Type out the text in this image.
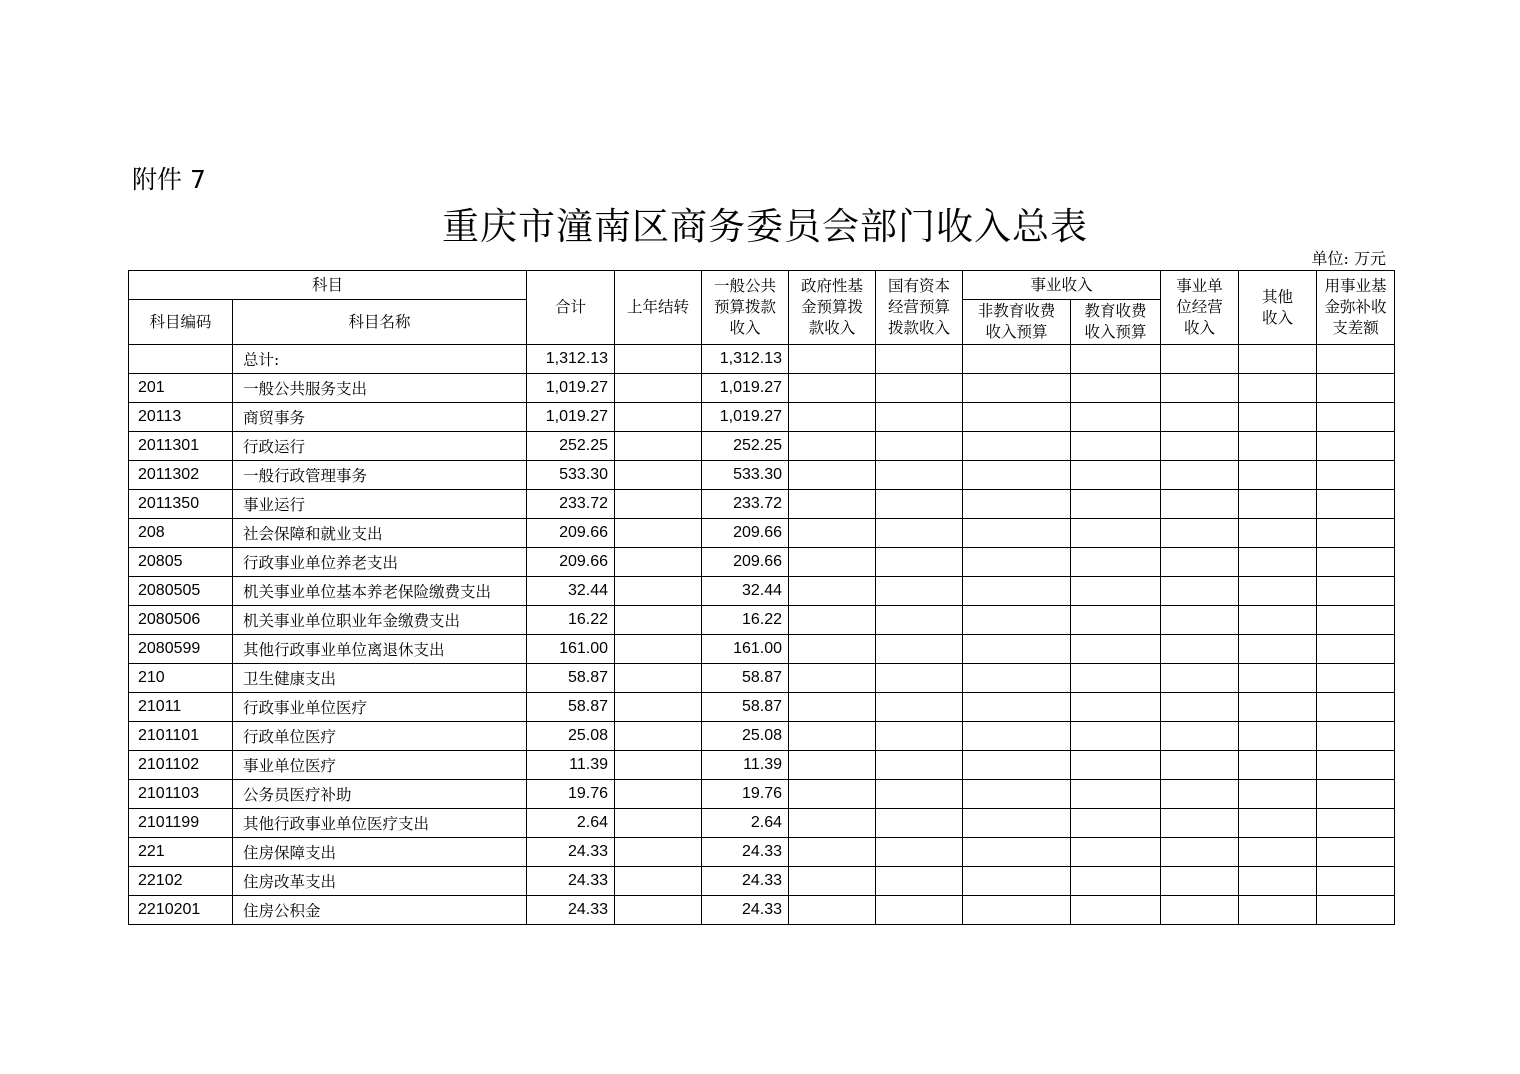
附件 7
重庆市潼南区商务委员会部门收入总表
单位: 万元
科目		合计	上年结转	一般公共预算拨款收入	政府性基金预算拨款收入	国有资本经营预算拨款收入	事业收入		事业单位经营收入	其他收入	用事业基金弥补收支差额

科目编码	科目名称						非教育收费收入预算	教育收费收入预算			

	总计:	1,312.13		1,312.13							
201	一般公共服务支出	1,019.27		1,019.27							
20113	商贸事务	1,019.27		1,019.27							
2011301	行政运行	252.25		252.25							
2011302	一般行政管理事务	533.30		533.30							
2011350	事业运行	233.72		233.72							
208	社会保障和就业支出	209.66		209.66							
20805	行政事业单位养老支出	209.66		209.66							
2080505	机关事业单位基本养老保险缴费支出	32.44		32.44							
2080506	机关事业单位职业年金缴费支出	16.22		16.22							
2080599	其他行政事业单位离退休支出	161.00		161.00							
210	卫生健康支出	58.87		58.87							
21011	行政事业单位医疗	58.87		58.87							
2101101	行政单位医疗	25.08		25.08							
2101102	事业单位医疗	11.39		11.39							
2101103	公务员医疗补助	19.76		19.76							
2101199	其他行政事业单位医疗支出	2.64		2.64							
221	住房保障支出	24.33		24.33							
22102	住房改革支出	24.33		24.33							
2210201	住房公积金	24.33		24.33							
